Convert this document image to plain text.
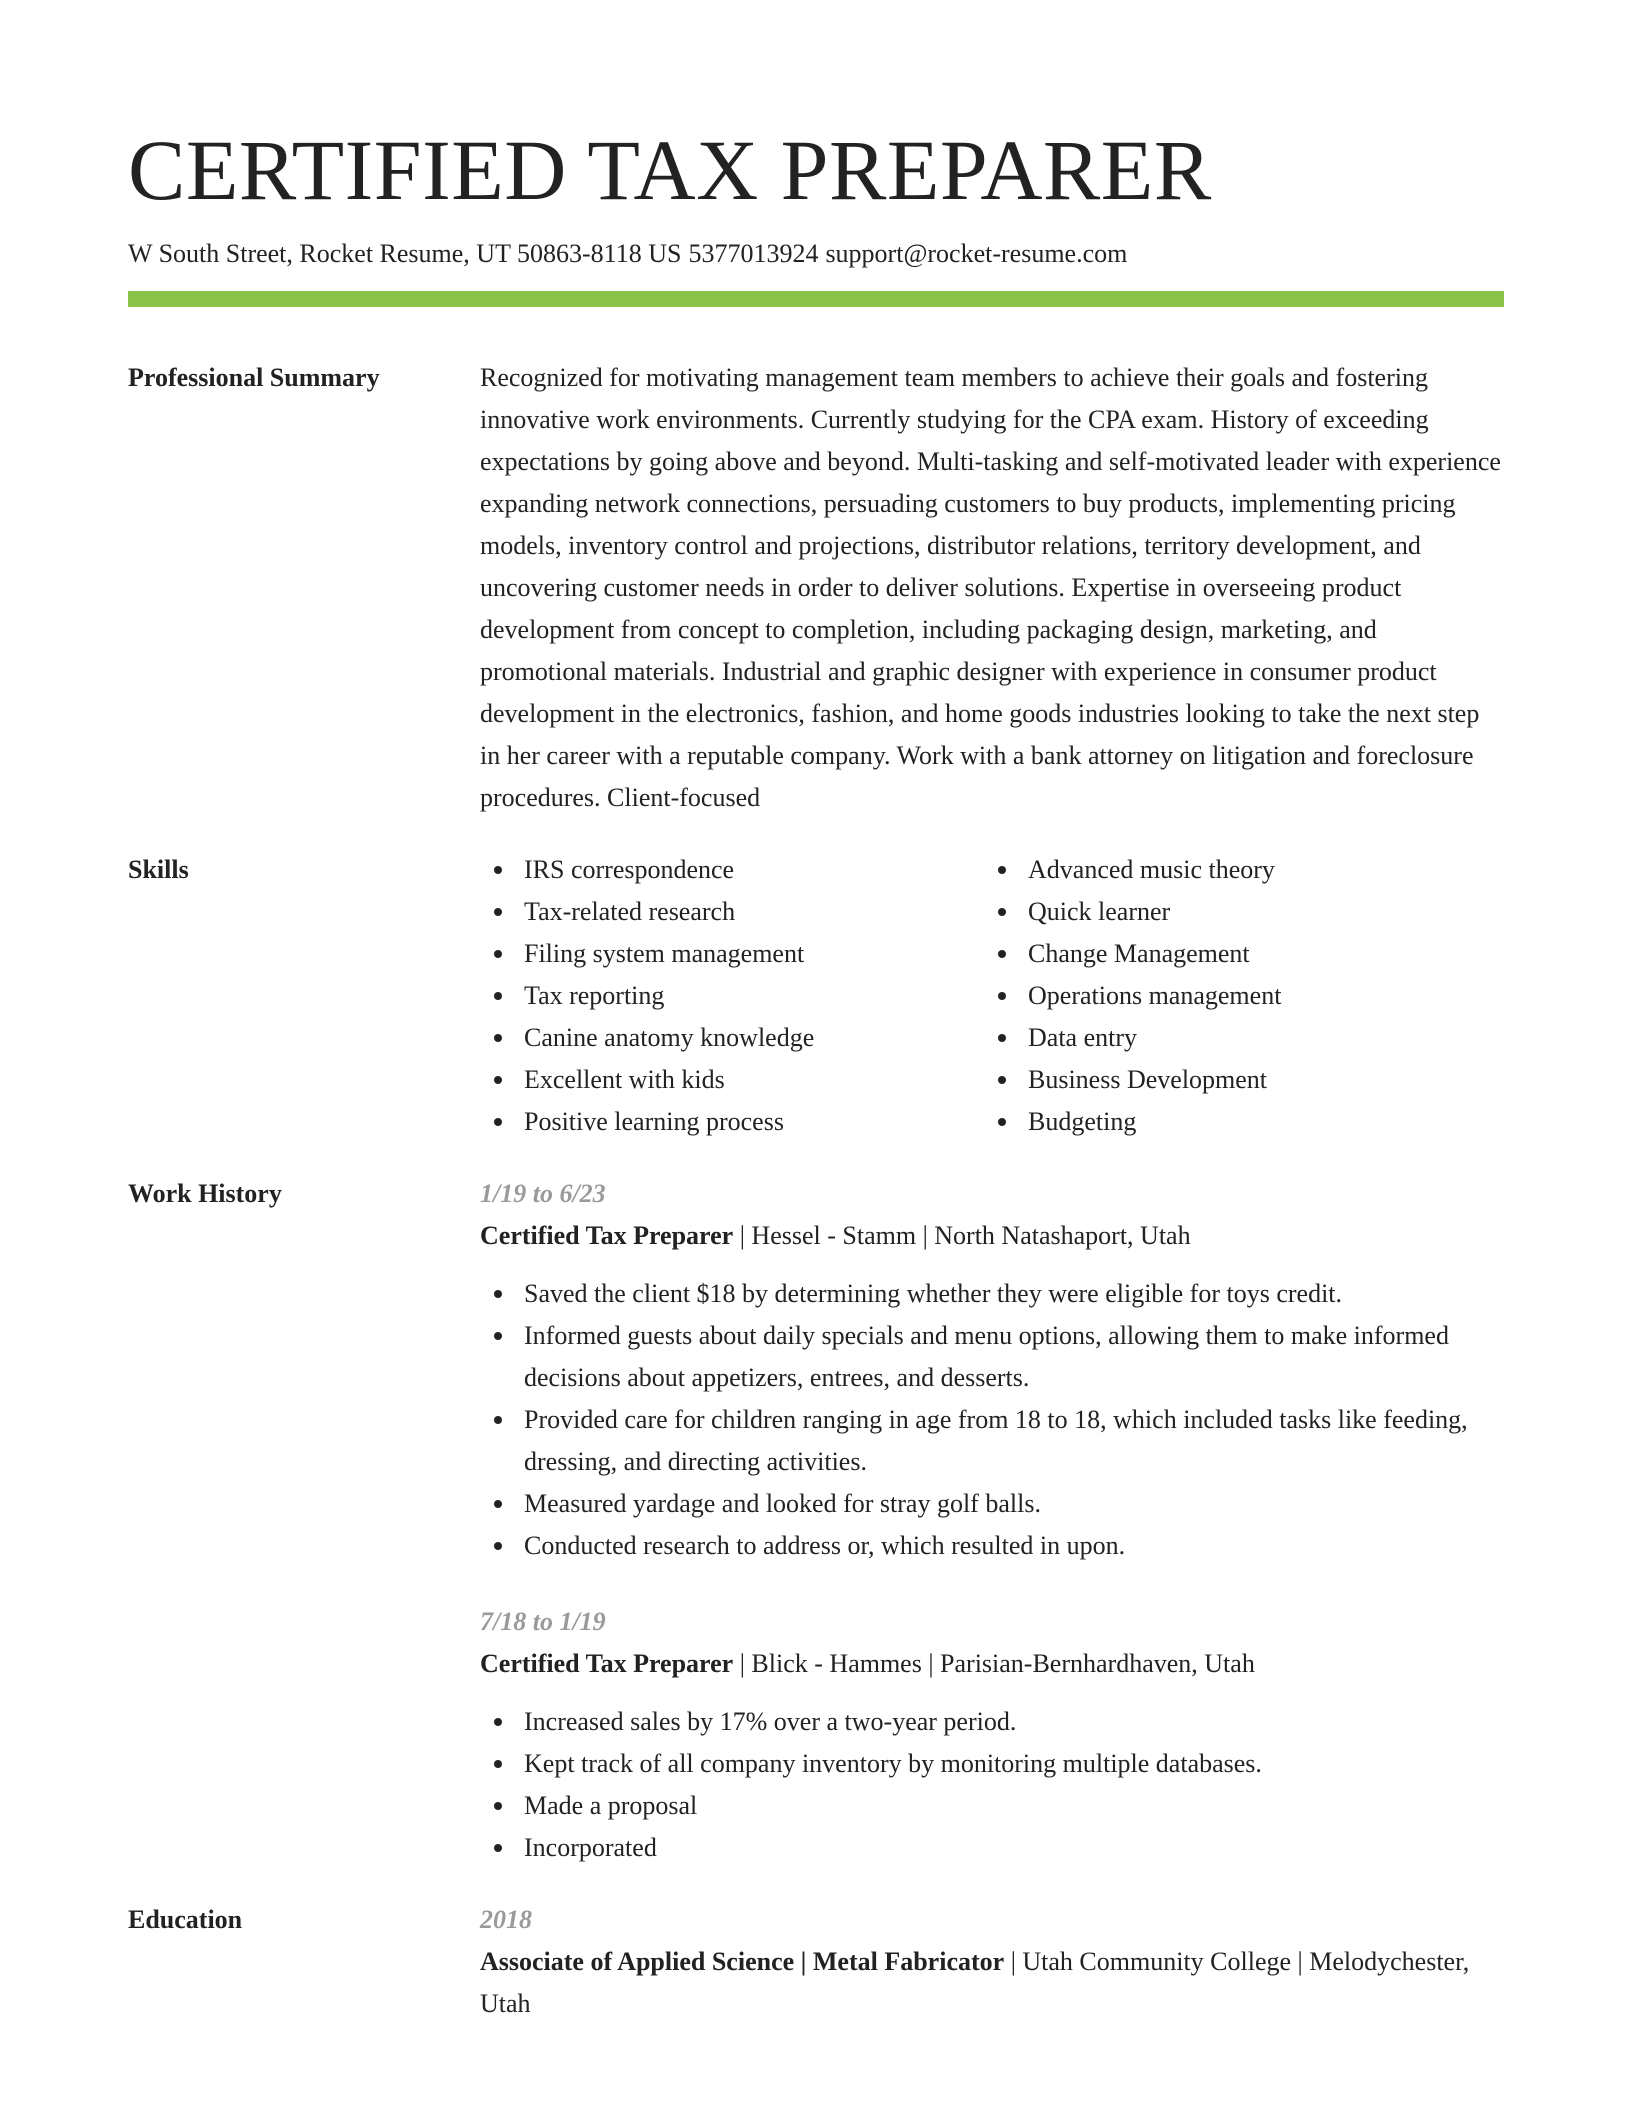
CERTIFIED TAX PREPARER
W South Street, Rocket Resume, UT 50863-8118 US 5377013924 support@rocket-resume.com
Professional Summary	Recognized for motivating management team members to achieve their goals and fostering innovative work environments. Currently studying for the CPA exam. History of exceeding expectations by going above and beyond. Multi-tasking and self-motivated leader with experience expanding network connections, persuading customers to buy products, implementing pricing models, inventory control and projections, distributor relations, territory development, and uncovering customer needs in order to deliver solutions. Expertise in overseeing product development from concept to completion, including packaging design, marketing, and promotional materials. Industrial and graphic designer with experience in consumer product development in the electronics, fashion, and home goods industries looking to take the next step in her career with a reputable company. Work with a bank attorney on litigation and foreclosure procedures. Client-focused

Skills	IRS correspondence
Tax-related research
Filing system management
Tax reporting
Canine anatomy knowledge
Excellent with kids
Positive learning process
Advanced music theory
Quick learner
Change Management
Operations management
Data entry
Business Development
Budgeting
Work History	1/19 to 6/23
Certified Tax Preparer | Hessel - Stamm | North Natashaport, Utah
Saved the client $18 by determining whether they were eligible for toys credit.
Informed guests about daily specials and menu options, allowing them to make informed decisions about appetizers, entrees, and desserts.
Provided care for children ranging in age from 18 to 18, which included tasks like feeding, dressing, and directing activities.
Measured yardage and looked for stray golf balls.
Conducted research to address or, which resulted in upon.
7/18 to 1/19
Certified Tax Preparer | Blick - Hammes | Parisian-Bernhardhaven, Utah
Increased sales by 17% over a two-year period.
Kept track of all company inventory by monitoring multiple databases.
Made a proposal
Incorporated
Education	2018
Associate of Applied Science | Metal Fabricator | Utah Community College | Melodychester, Utah
